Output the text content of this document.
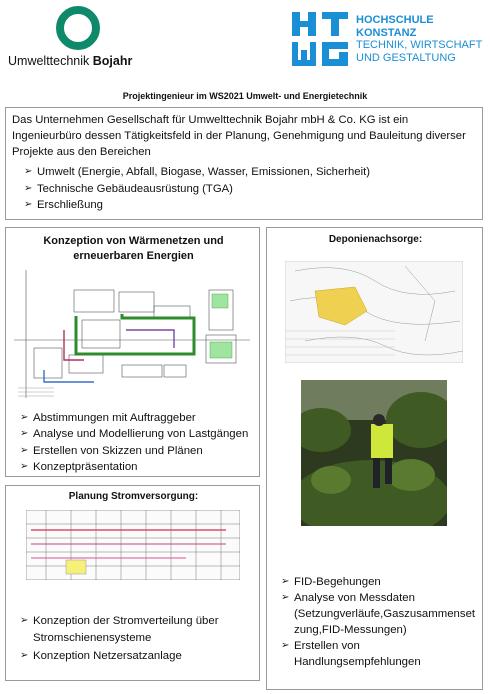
Umwelttechnik Bojahr
HOCHSCHULE
KONSTANZ
TECHNIK, WIRTSCHAFT
UND GESTALTUNG
Projektingenieur im WS2021 Umwelt- und Energietechnik
Das Unternehmen Gesellschaft für Umwelttechnik Bojahr mbH & Co. KG ist ein Ingenieurbüro dessen Tätigkeitsfeld in der Planung, Genehmigung und Bauleitung diverser Projekte aus den Bereichen
➢ Umwelt (Energie, Abfall, Biogase, Wasser, Emissionen, Sicherheit)
➢ Technische Gebäudeausrüstung (TGA)
➢ Erschließung
Konzeption von Wärmenetzen und
erneuerbaren Energien
➢ Abstimmungen mit Auftraggeber
➢ Analyse und Modellierung von Lastgängen
➢ Erstellen von Skizzen und Plänen
➢ Konzeptpräsentation
Planung Stromversorgung:
➢ Konzeption der Stromverteilung über Stromschienensysteme
➢ Konzeption Netzersatzanlage
Deponienachsorge:
➢ FID-Begehungen
➢ Analyse von Messdaten (Setzungverläufe,Gaszusammenset zung,FID-Messungen)
➢ Erstellen von Handlungsempfehlungen
